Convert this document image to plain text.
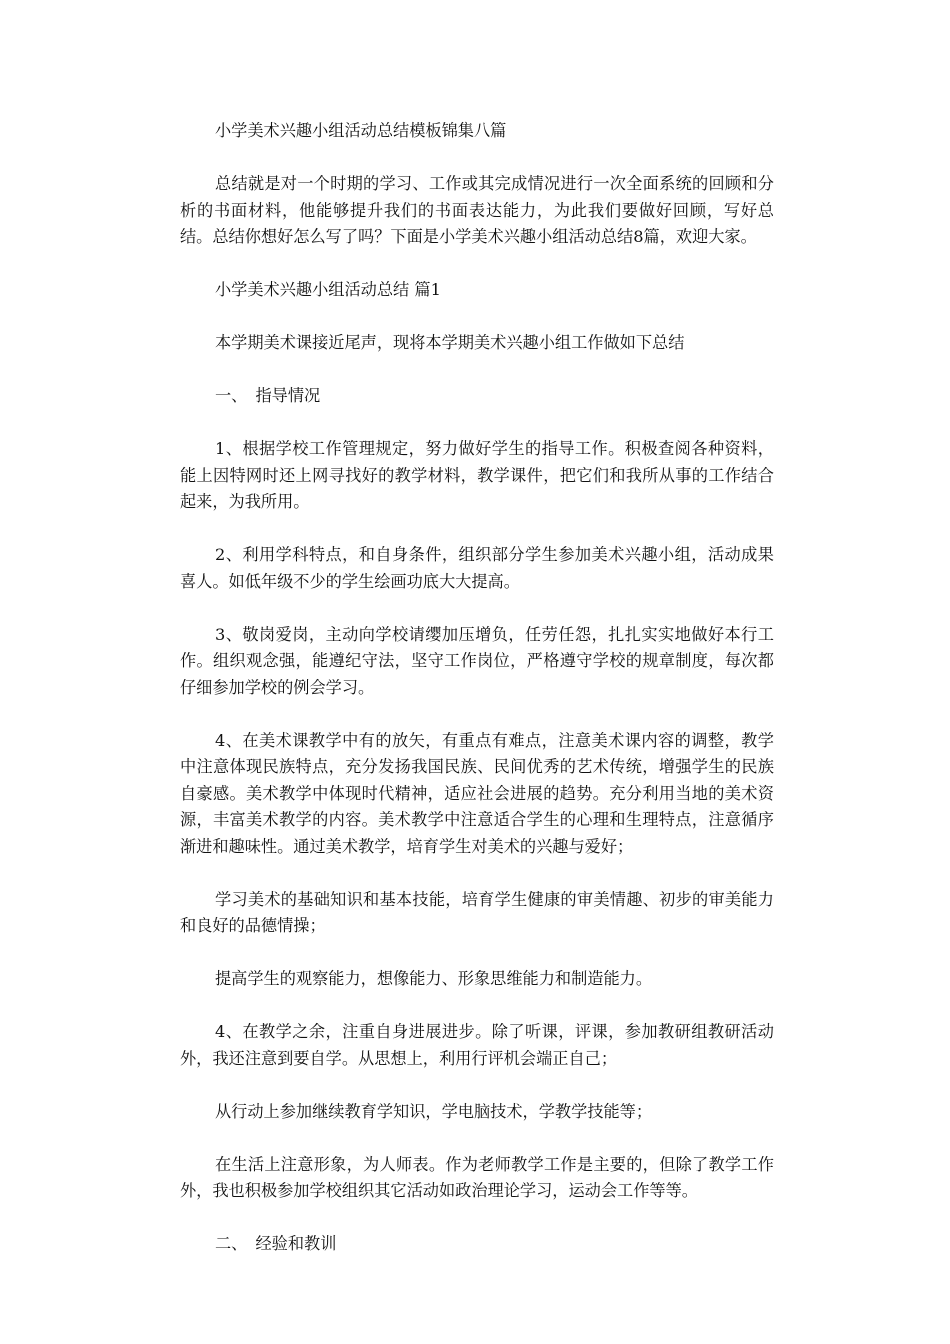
小学美术兴趣小组活动总结模板锦集八篇

总结就是对一个时期的学习、工作或其完成情况进行一次全面系统的回顾和分析的书面材料，他能够提升我们的书面表达能力，为此我们要做好回顾，写好总结。总结你想好怎么写了吗？下面是小学美术兴趣小组活动总结8篇，欢迎大家。

小学美术兴趣小组活动总结 篇1

本学期美术课接近尾声，现将本学期美术兴趣小组工作做如下总结

一、　指导情况

1、根据学校工作管理规定，努力做好学生的指导工作。积极查阅各种资料，能上因特网时还上网寻找好的教学材料，教学课件，把它们和我所从事的工作结合起来，为我所用。

2、利用学科特点，和自身条件，组织部分学生参加美术兴趣小组，活动成果喜人。如低年级不少的学生绘画功底大大提高。

3、敬岗爱岗，主动向学校请缨加压增负，任劳任怨，扎扎实实地做好本行工作。组织观念强，能遵纪守法，坚守工作岗位，严格遵守学校的规章制度，每次都仔细参加学校的例会学习。

4、在美术课教学中有的放矢，有重点有难点，注意美术课内容的调整，教学中注意体现民族特点，充分发扬我国民族、民间优秀的艺术传统，增强学生的民族自豪感。美术教学中体现时代精神，适应社会进展的趋势。充分利用当地的美术资源，丰富美术教学的内容。美术教学中注意适合学生的心理和生理特点，注意循序渐进和趣味性。通过美术教学，培育学生对美术的兴趣与爱好；

学习美术的基础知识和基本技能，培育学生健康的审美情趣、初步的审美能力和良好的品德情操；

提高学生的观察能力，想像能力、形象思维能力和制造能力。

4、在教学之余，注重自身进展进步。除了听课，评课，参加教研组教研活动外，我还注意到要自学。从思想上，利用行评机会端正自己；

从行动上参加继续教育学知识，学电脑技术，学教学技能等；

在生活上注意形象，为人师表。作为老师教学工作是主要的，但除了教学工作外，我也积极参加学校组织其它活动如政治理论学习，运动会工作等等。

二、　经验和教训
